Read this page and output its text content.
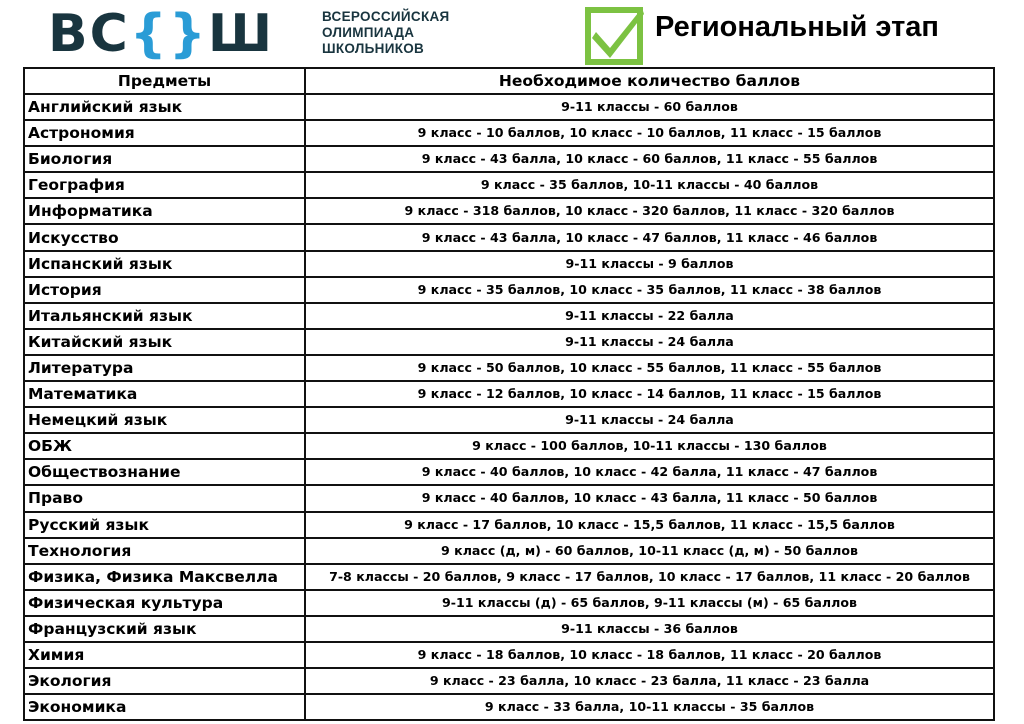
ВС{}Ш	ВСЕРОССИЙСКАЯ
ОЛИМПИАДА
ШКОЛЬНИКОВ
Региональный этап
Предметы	Необходимое количество баллов
Английский язык	9-11 классы - 60 баллов
Астрономия	9 класс - 10 баллов, 10 класс - 10 баллов, 11 класс - 15 баллов
Биология	9 класс - 43 балла, 10 класс - 60 баллов, 11 класс - 55 баллов
География	9 класс - 35 баллов, 10-11 классы - 40 баллов
Информатика	9 класс - 318 баллов, 10 класс - 320 баллов, 11 класс - 320 баллов
Искусство	9 класс - 43 балла, 10 класс - 47 баллов, 11 класс - 46 баллов
Испанский язык	9-11 классы - 9 баллов
История	9 класс - 35 баллов, 10 класс - 35 баллов, 11 класс - 38 баллов
Итальянский язык	9-11 классы - 22 балла
Китайский язык	9-11 классы - 24 балла
Литература	9 класс - 50 баллов, 10 класс - 55 баллов, 11 класс - 55 баллов
Математика	9 класс - 12 баллов, 10 класс - 14 баллов, 11 класс - 15 баллов
Немецкий язык	9-11 классы - 24 балла
ОБЖ	9 класс - 100 баллов, 10-11 классы - 130 баллов
Обществознание	9 класс - 40 баллов, 10 класс - 42 балла, 11 класс - 47 баллов
Право	9 класс - 40 баллов, 10 класс - 43 балла, 11 класс - 50 баллов
Русский язык	9 класс - 17 баллов, 10 класс - 15,5 баллов, 11 класс - 15,5 баллов
Технология	9 класс (д, м) - 60 баллов, 10-11 класс (д, м) - 50 баллов
Физика, Физика Максвелла	7-8 классы - 20 баллов, 9 класс - 17 баллов, 10 класс - 17 баллов, 11 класс - 20 баллов
Физическая культура	9-11 классы (д) - 65 баллов, 9-11 классы (м) - 65 баллов
Французский язык	9-11 классы - 36 баллов
Химия	9 класс - 18 баллов, 10 класс - 18 баллов, 11 класс - 20 баллов
Экология	9 класс - 23 балла, 10 класс - 23 балла, 11 класс - 23 балла
Экономика	9 класс - 33 балла, 10-11 классы - 35 баллов
